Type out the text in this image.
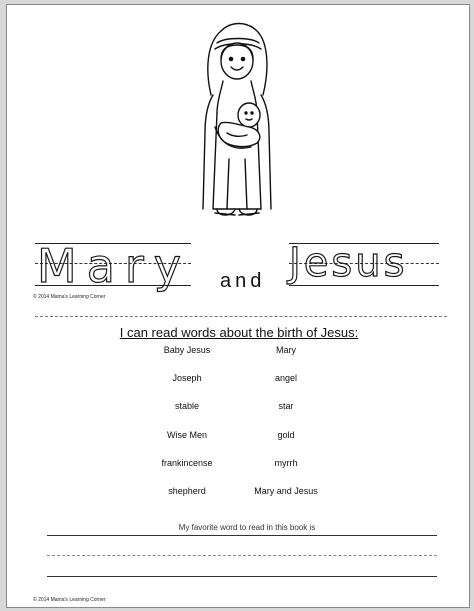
Mary and Jesus
© 2014 Mama's Learning Corner
I can read words about the birth of Jesus:
Baby Jesus	Mary
Joseph	angel
stable	star
Wise Men	gold
frankincense	myrrh
shepherd	Mary and Jesus
My favorite word to read in this book is
© 2014 Mama's Learning Corner
